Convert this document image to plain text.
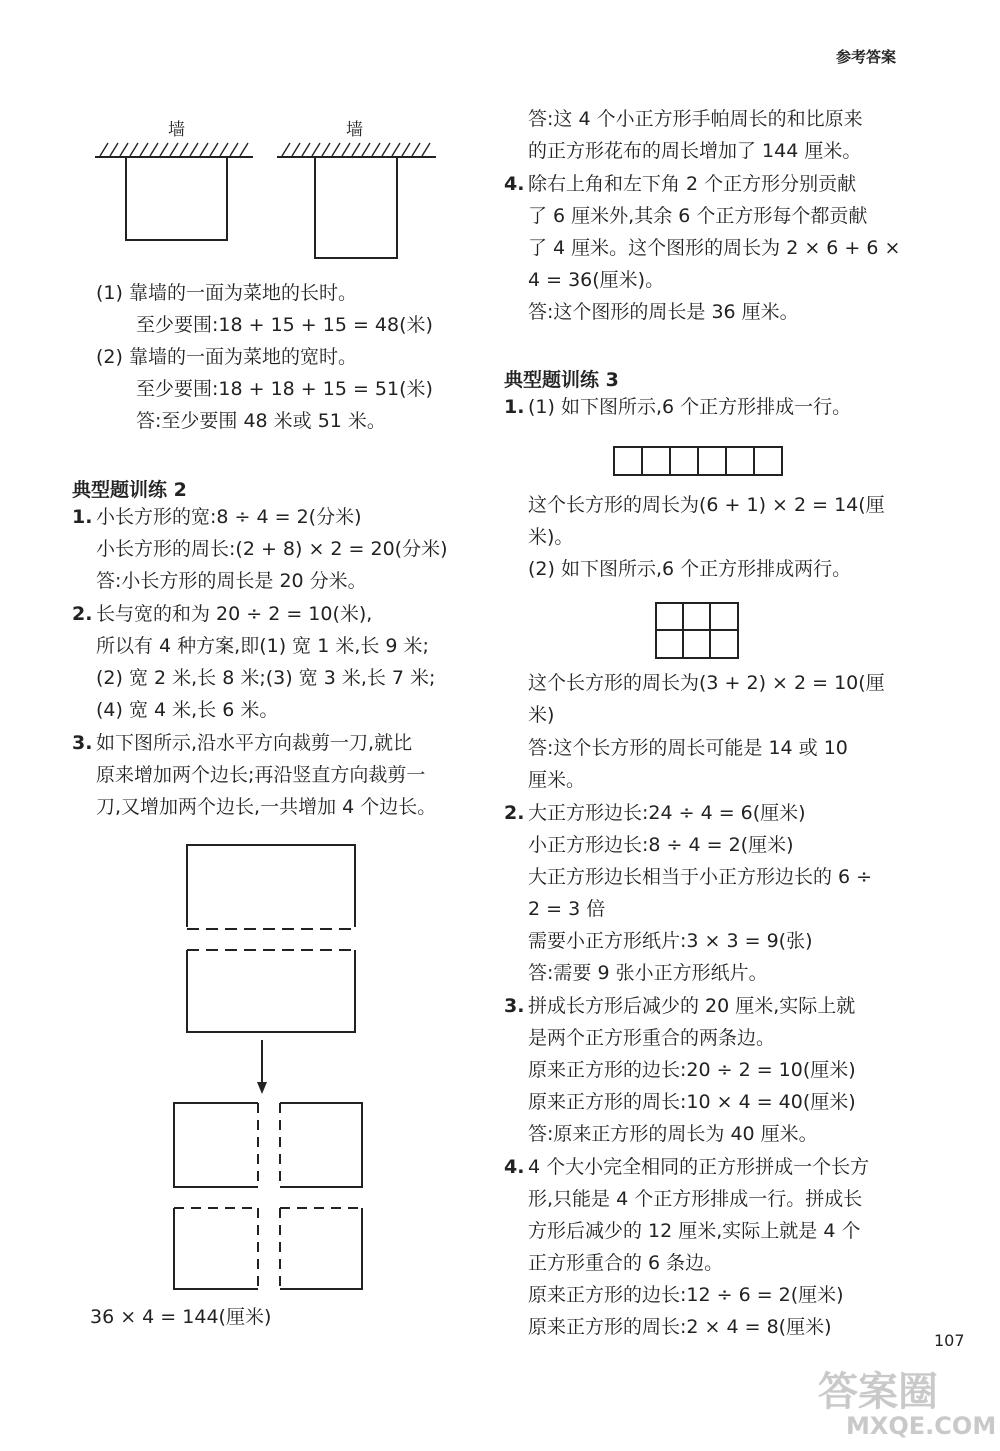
参考答案
墙	墙
(1) 靠墙的一面为菜地的长时。
至少要围:18 + 15 + 15 = 48(米)
(2) 靠墙的一面为菜地的宽时。
至少要围:18 + 18 + 15 = 51(米)
答:至少要围 48 米或 51 米。
典型题训练 2
1. 小长方形的宽:8 ÷ 4 = 2(分米)
小长方形的周长:(2 + 8) × 2 = 20(分米)
答:小长方形的周长是 20 分米。
2. 长与宽的和为 20 ÷ 2 = 10(米),
所以有 4 种方案,即(1) 宽 1 米,长 9 米;
(2) 宽 2 米,长 8 米;(3) 宽 3 米,长 7 米;
(4) 宽 4 米,长 6 米。
3. 如下图所示,沿水平方向裁剪一刀,就比
原来增加两个边长;再沿竖直方向裁剪一
刀,又增加两个边长,一共增加 4 个边长。
36 × 4 = 144(厘米)
答:这 4 个小正方形手帕周长的和比原来
的正方形花布的周长增加了 144 厘米。
4. 除右上角和左下角 2 个正方形分别贡献
了 6 厘米外,其余 6 个正方形每个都贡献
了 4 厘米。这个图形的周长为 2 × 6 + 6 ×
4 = 36(厘米)。
答:这个图形的周长是 36 厘米。
典型题训练 3
1. (1) 如下图所示,6 个正方形排成一行。
这个长方形的周长为(6 + 1) × 2 = 14(厘
米)。
(2) 如下图所示,6 个正方形排成两行。
这个长方形的周长为(3 + 2) × 2 = 10(厘
米)
答:这个长方形的周长可能是 14 或 10
厘米。
2. 大正方形边长:24 ÷ 4 = 6(厘米)
小正方形边长:8 ÷ 4 = 2(厘米)
大正方形边长相当于小正方形边长的 6 ÷
2 = 3 倍
需要小正方形纸片:3 × 3 = 9(张)
答:需要 9 张小正方形纸片。
3. 拼成长方形后减少的 20 厘米,实际上就
是两个正方形重合的两条边。
原来正方形的边长:20 ÷ 2 = 10(厘米)
原来正方形的周长:10 × 4 = 40(厘米)
答:原来正方形的周长为 40 厘米。
4. 4 个大小完全相同的正方形拼成一个长方
形,只能是 4 个正方形排成一行。拼成长
方形后减少的 12 厘米,实际上就是 4 个
正方形重合的 6 条边。
原来正方形的边长:12 ÷ 6 = 2(厘米)
原来正方形的周长:2 × 4 = 8(厘米)
107
答案圈
MXQE.COM
